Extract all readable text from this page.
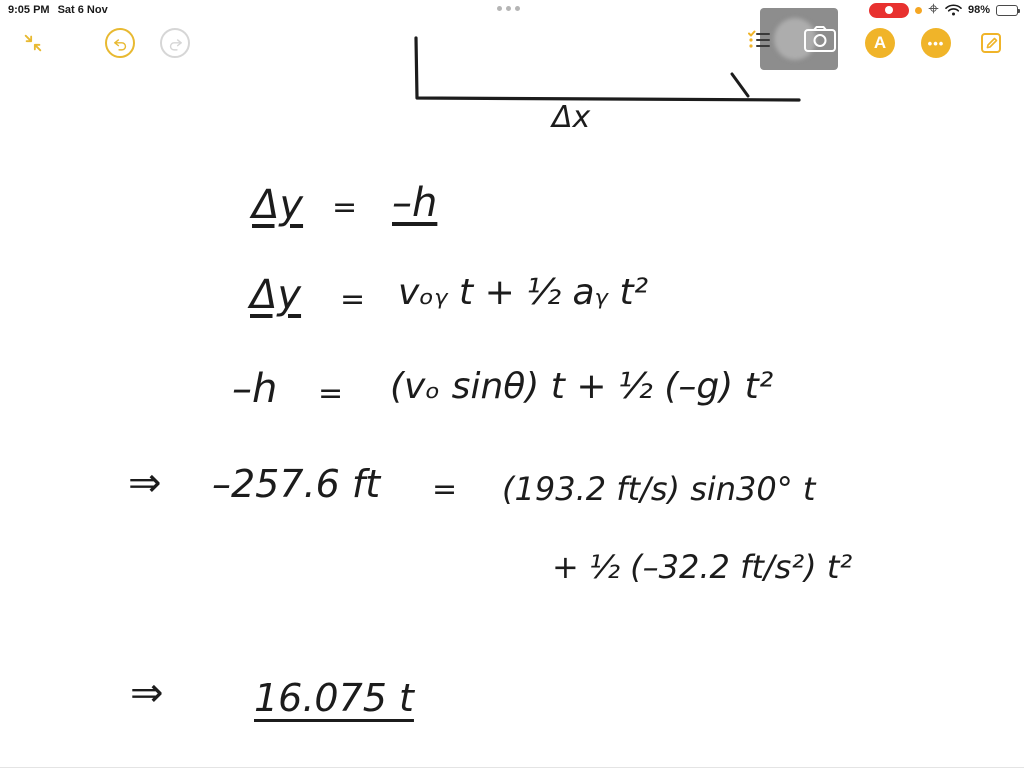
9:05 PM Sat 6 Nov	98%
A	•••
Δx
Δy = –h
Δy = vₒᵧ t + ½ aᵧ t²
–h = (vₒ sinθ) t + ½ (–g) t²
⇒ –257.6 ft = (193.2 ft/s) sin30° t
+ ½ (–32.2 ft/s²) t²
⇒ 16.075 t
